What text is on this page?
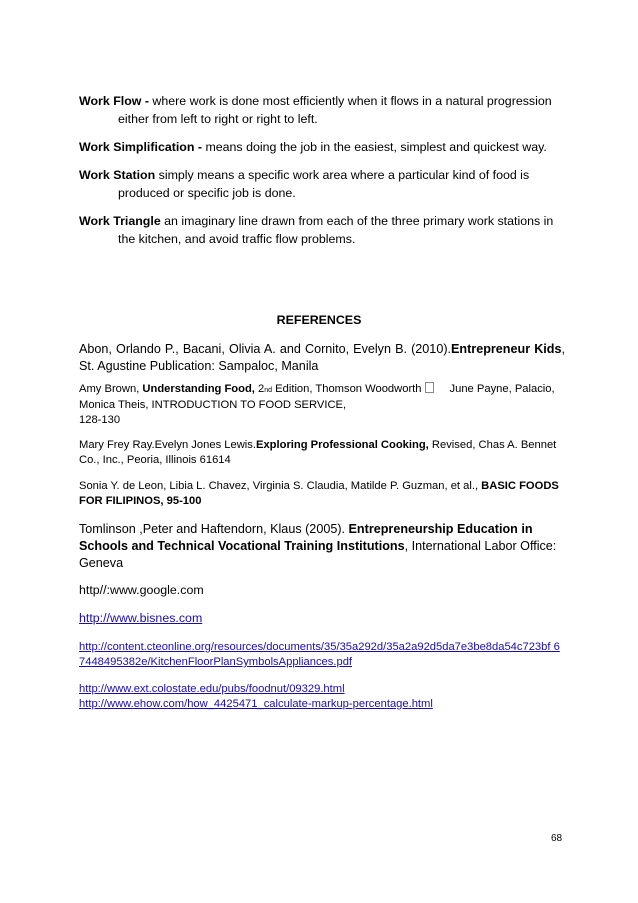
Work Flow - where work is done most efficiently when it flows in a natural progression either from left to right or right to left.

Work Simplification - means doing the job in the easiest, simplest and quickest way.

Work Station simply means a specific work area where a particular kind of food is produced or specific job is done.

Work Triangle an imaginary line drawn from each of the three primary work stations in the kitchen, and avoid traffic flow problems.

REFERENCES

Abon, Orlando P., Bacani, Olivia A. and Cornito, Evelyn B. (2010).Entrepreneur Kids, St. Agustine Publication: Sampaloc, Manila

Amy Brown, Understanding Food, 2nd Edition, Thomson Woodworth	June Payne, Palacio, Monica Theis, INTRODUCTION TO FOOD SERVICE,
128-130

Mary Frey Ray.Evelyn Jones Lewis.Exploring Professional Cooking, Revised, Chas A. Bennet Co., Inc., Peoria, Illinois 61614

Sonia Y. de Leon, Libia L. Chavez, Virginia S. Claudia, Matilde P. Guzman, et al., BASIC FOODS FOR FILIPINOS, 95-100

Tomlinson ,Peter and Haftendorn, Klaus (2005). Entrepreneurship Education in Schools and Technical Vocational Training Institutions, International Labor Office: Geneva

http//:www.google.com
http://www.bisnes.com
http://content.cteonline.org/resources/documents/35/35a292d/35a2a92d5da7e3be8da54c723bf 67448495382e/KitchenFloorPlanSymbolsAppliances.pdf
http://www.ext.colostate.edu/pubs/foodnut/09329.html
http://www.ehow.com/how_4425471_calculate-markup-percentage.html
68
